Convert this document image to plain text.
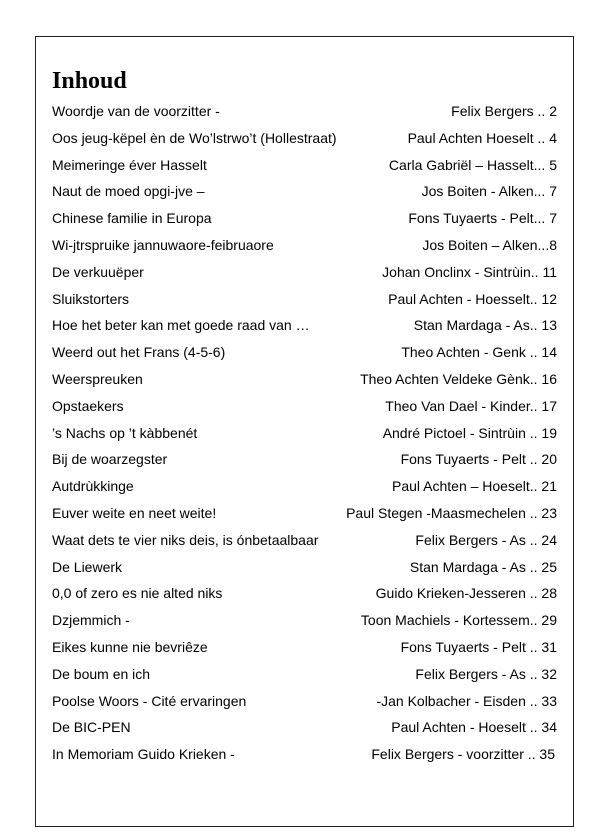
Inhoud
Woordje van de voorzitter -	Felix Bergers .. 2
Oos jeug-këpel èn de Wo’lstrwo’t (Hollestraat)	Paul Achten Hoeselt .. 4
Meimeringe éver Hasselt	Carla Gabriël – Hasselt... 5
Naut de moed opgi-jve –	Jos Boiten - Alken... 7
Chinese familie in Europa	Fons Tuyaerts - Pelt... 7
Wi-jtrspruike jannuwaore-feibruaore	Jos Boiten – Alken...8
De verkuuëper	Johan Onclinx - Sintrùin.. 11
Sluikstorters	Paul Achten - Hoesselt.. 12
Hoe het beter kan met goede raad van …	Stan Mardaga - As.. 13
Weerd out het Frans (4-5-6)	Theo Achten - Genk .. 14
Weerspreuken	Theo Achten Veldeke Gènk.. 16
Opstaekers	Theo Van Dael - Kinder.. 17
’s Nachs op ’t kàbbenét	André Pictoel - Sintrùin .. 19
Bij de woarzegster	Fons Tuyaerts - Pelt .. 20
Autdrùkkinge	Paul Achten – Hoeselt.. 21
Euver weite en neet weite!	Paul Stegen -Maasmechelen .. 23
Waat dets te vier niks deis, is ónbetaalbaar	Felix Bergers - As .. 24
De Liewerk	Stan Mardaga - As .. 25
0,0 of zero es nie alted niks	Guido Krieken-Jesseren .. 28
Dzjemmich -	Toon Machiels - Kortessem.. 29
Eikes kunne nie bevriêze	Fons Tuyaerts - Pelt .. 31
De boum en ich	Felix Bergers - As .. 32
Poolse Woors - Cité ervaringen	-Jan Kolbacher - Eisden .. 33
De BIC-PEN	Paul Achten - Hoeselt .. 34
In Memoriam Guido Krieken -	Felix Bergers - voorzitter .. 35
